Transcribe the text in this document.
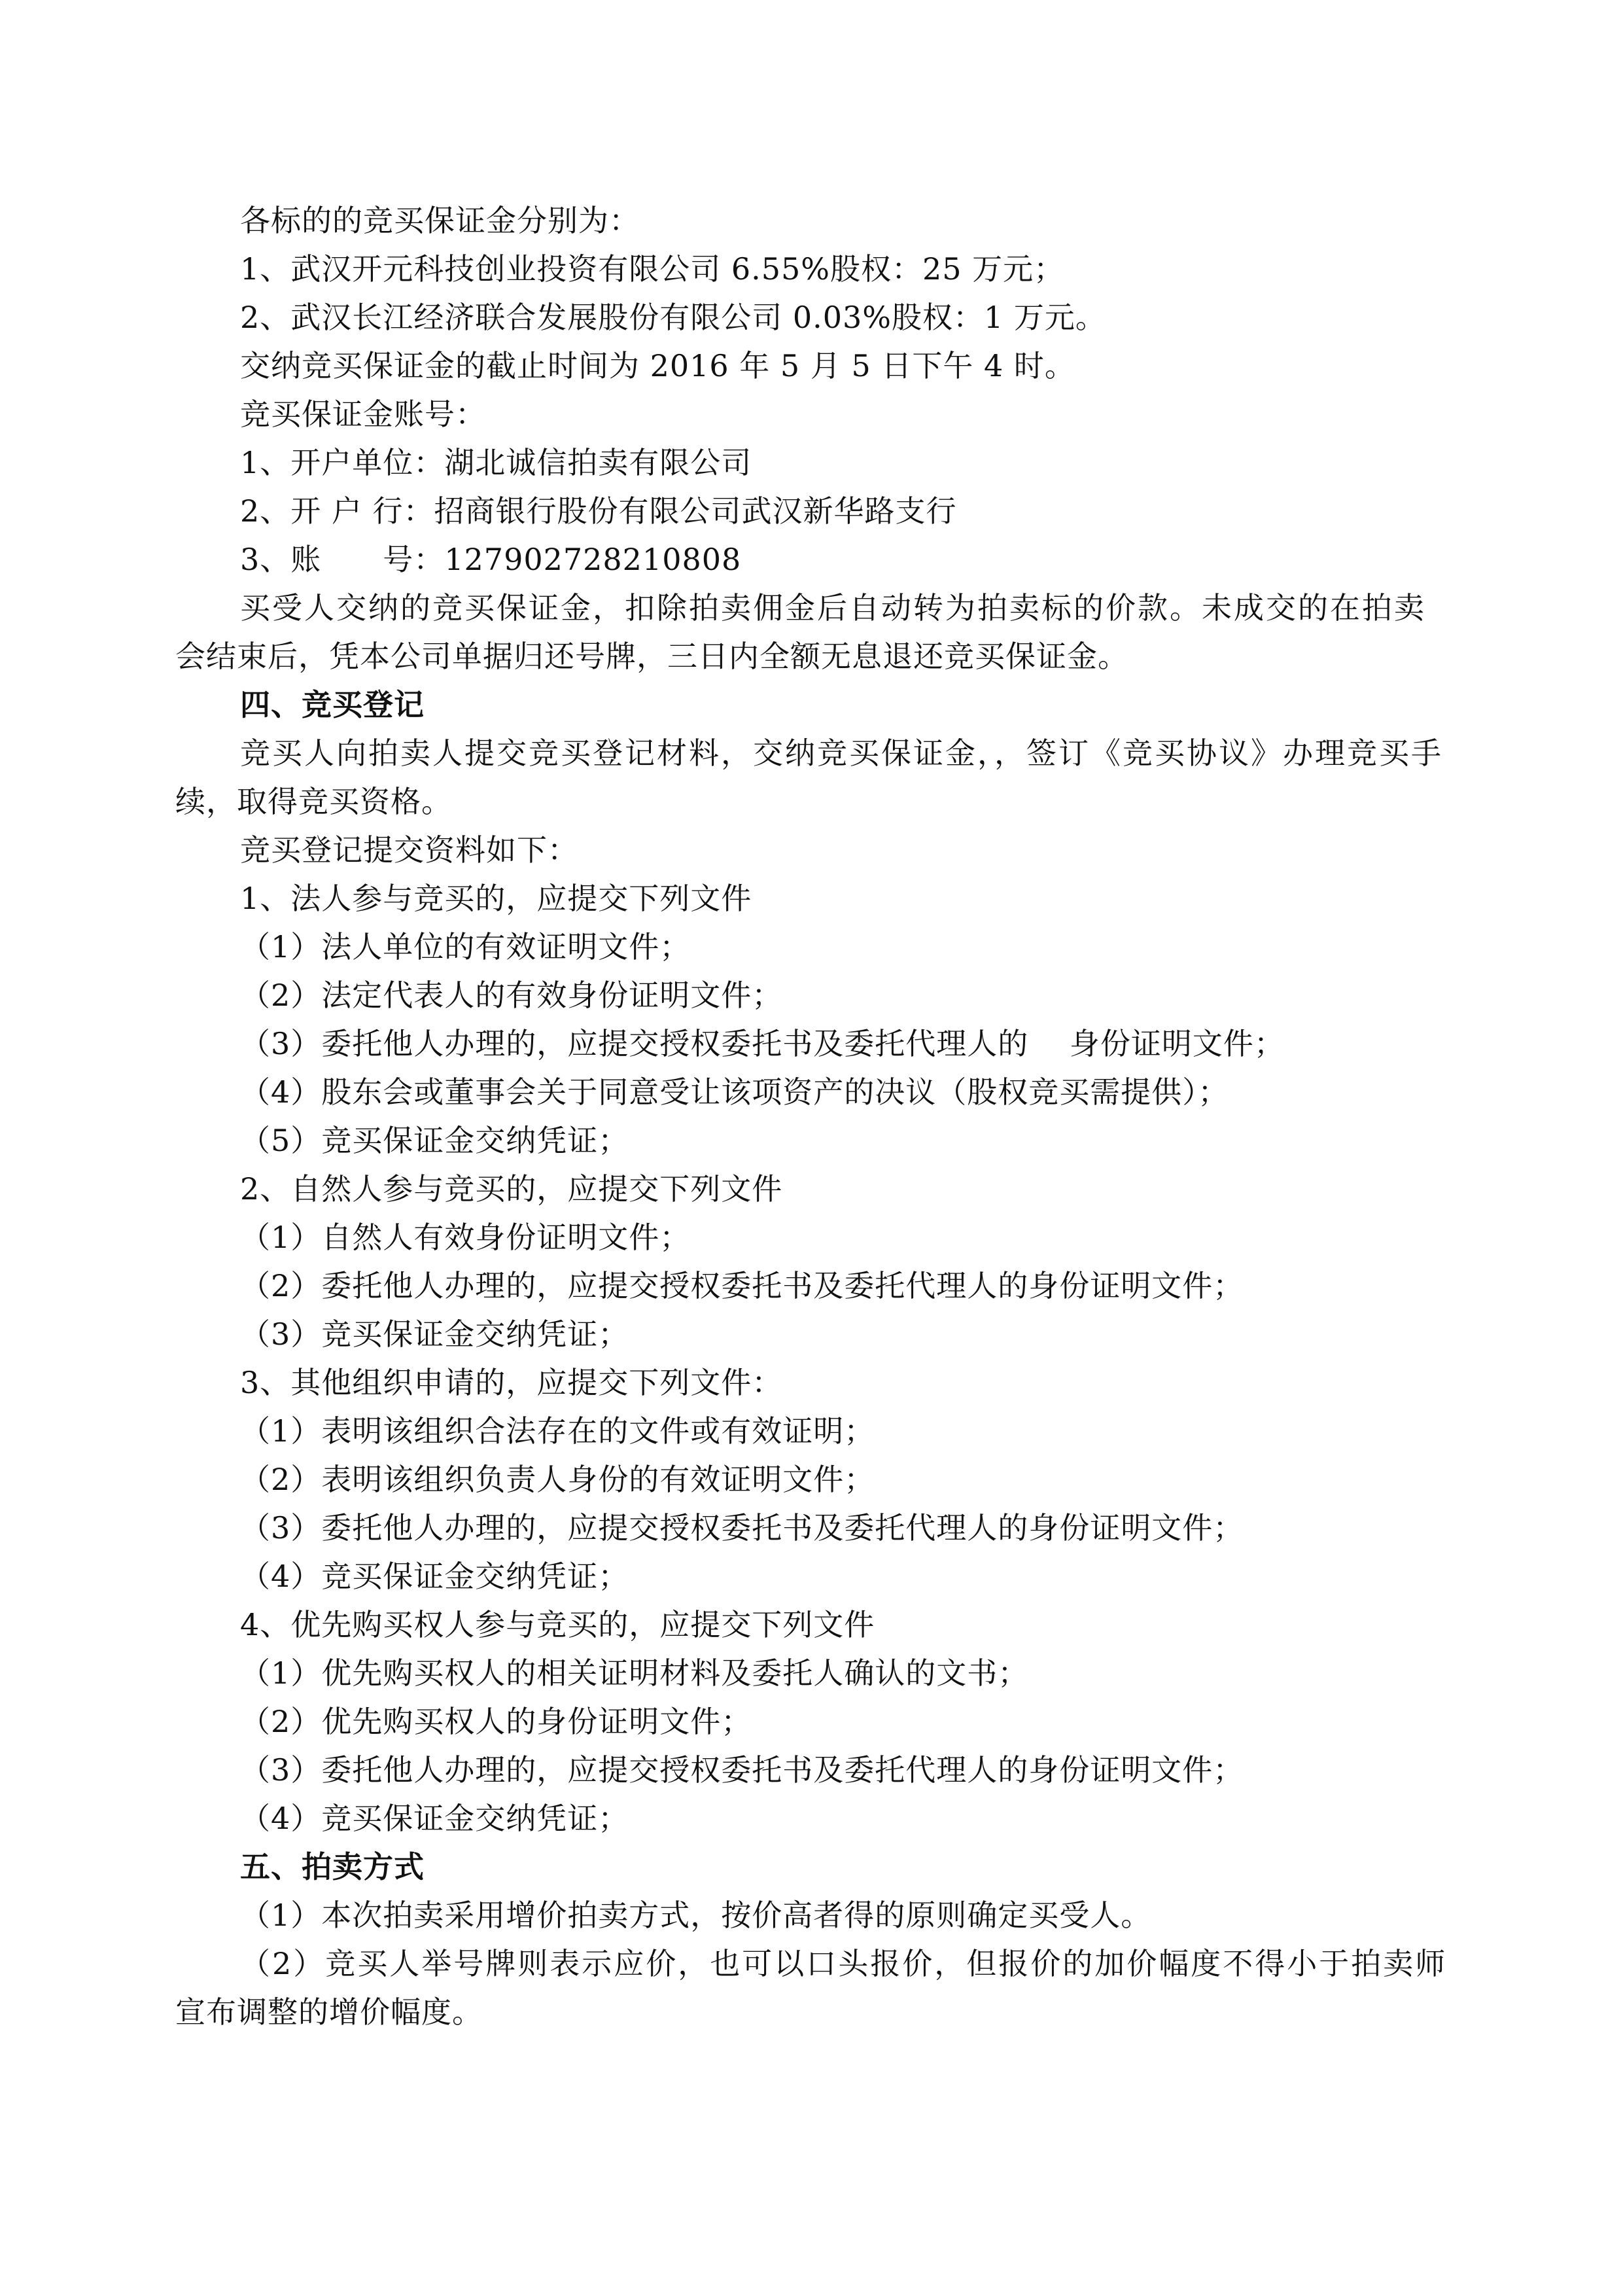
各标的的竞买保证金分别为：
1、武汉开元科技创业投资有限公司 6.55%股权：25 万元；
2、武汉长江经济联合发展股份有限公司 0.03%股权：1 万元。
交纳竞买保证金的截止时间为 2016 年 5 月 5 日下午 4 时。
竞买保证金账号：
1、开户单位：湖北诚信拍卖有限公司
2、开 户 行：招商银行股份有限公司武汉新华路支行
3、账　　号：127902728210808
买受人交纳的竞买保证金，扣除拍卖佣金后自动转为拍卖标的价款。未成交的在拍卖
会结束后，凭本公司单据归还号牌，三日内全额无息退还竞买保证金。
四、竞买登记
竞买人向拍卖人提交竞买登记材料，交纳竞买保证金，，签订《竞买协议》办理竞买手
续，取得竞买资格。
竞买登记提交资料如下：
1、法人参与竞买的，应提交下列文件
（1）法人单位的有效证明文件；
（2）法定代表人的有效身份证明文件；
（3）委托他人办理的，应提交授权委托书及委托代理人的　 身份证明文件；
（4）股东会或董事会关于同意受让该项资产的决议（股权竞买需提供）；
（5）竞买保证金交纳凭证；
2、自然人参与竞买的，应提交下列文件
（1）自然人有效身份证明文件；
（2）委托他人办理的，应提交授权委托书及委托代理人的身份证明文件；
（3）竞买保证金交纳凭证；
3、其他组织申请的，应提交下列文件：
（1）表明该组织合法存在的文件或有效证明；
（2）表明该组织负责人身份的有效证明文件；
（3）委托他人办理的，应提交授权委托书及委托代理人的身份证明文件；
（4）竞买保证金交纳凭证；
4、优先购买权人参与竞买的，应提交下列文件
（1）优先购买权人的相关证明材料及委托人确认的文书；
（2）优先购买权人的身份证明文件；
（3）委托他人办理的，应提交授权委托书及委托代理人的身份证明文件；
（4）竞买保证金交纳凭证；
五、拍卖方式
（1）本次拍卖采用增价拍卖方式，按价高者得的原则确定买受人。
（2）竞买人举号牌则表示应价，也可以口头报价，但报价的加价幅度不得小于拍卖师
宣布调整的增价幅度。
